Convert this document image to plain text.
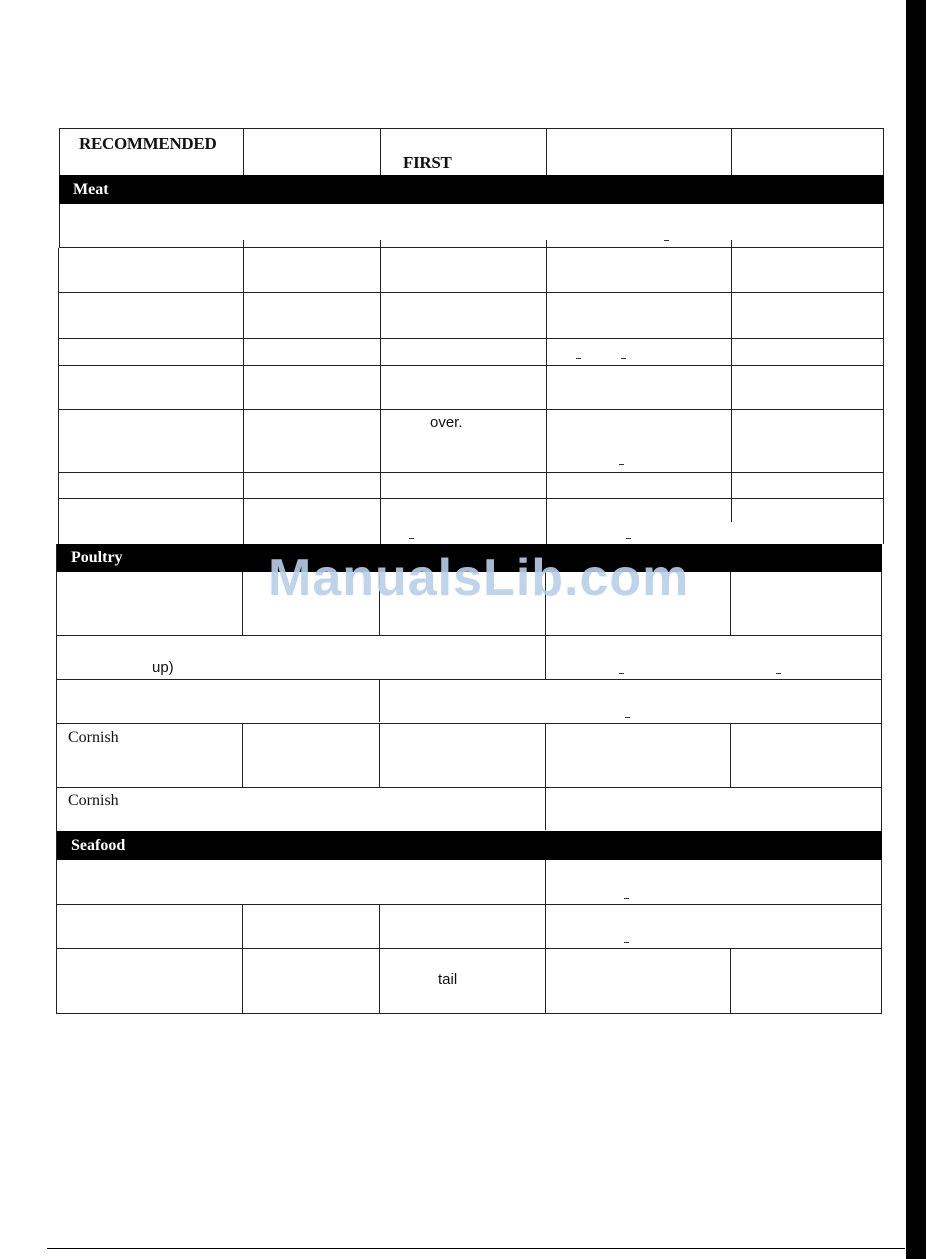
RECOMMENDED
FIRST
Meat
over.
Poultry
up)
Cornish
Cornish
Seafood
tail
ManualsLib.com
